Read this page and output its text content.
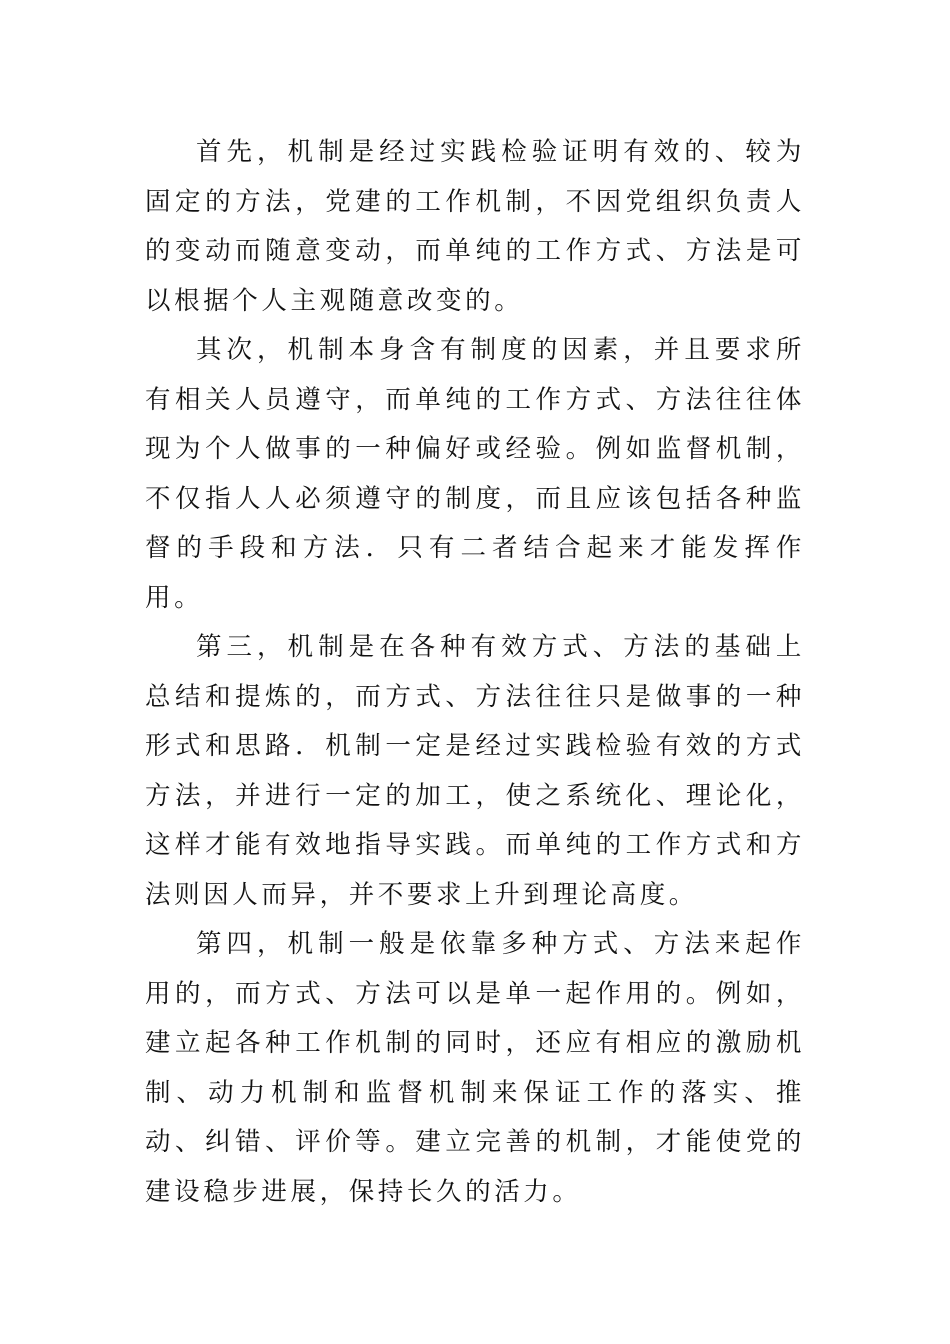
首先，机制是经过实践检验证明有效的、较为固定的方法，党建的工作机制，不因党组织负责人的变动而随意变动，而单纯的工作方式、方法是可以根据个人主观随意改变的。

其次，机制本身含有制度的因素，并且要求所有相关人员遵守，而单纯的工作方式、方法往往体现为个人做事的一种偏好或经验。例如监督机制，不仅指人人必须遵守的制度，而且应该包括各种监督的手段和方法．只有二者结合起来才能发挥作用。

第三，机制是在各种有效方式、方法的基础上总结和提炼的，而方式、方法往往只是做事的一种形式和思路．机制一定是经过实践检验有效的方式方法，并进行一定的加工，使之系统化、理论化，这样才能有效地指导实践。而单纯的工作方式和方法则因人而异，并不要求上升到理论高度。

第四，机制一般是依靠多种方式、方法来起作用的，而方式、方法可以是单一起作用的。例如，建立起各种工作机制的同时，还应有相应的激励机制、动力机制和监督机制来保证工作的落实、推动、纠错、评价等。建立完善的机制，才能使党的建设稳步进展，保持长久的活力。
